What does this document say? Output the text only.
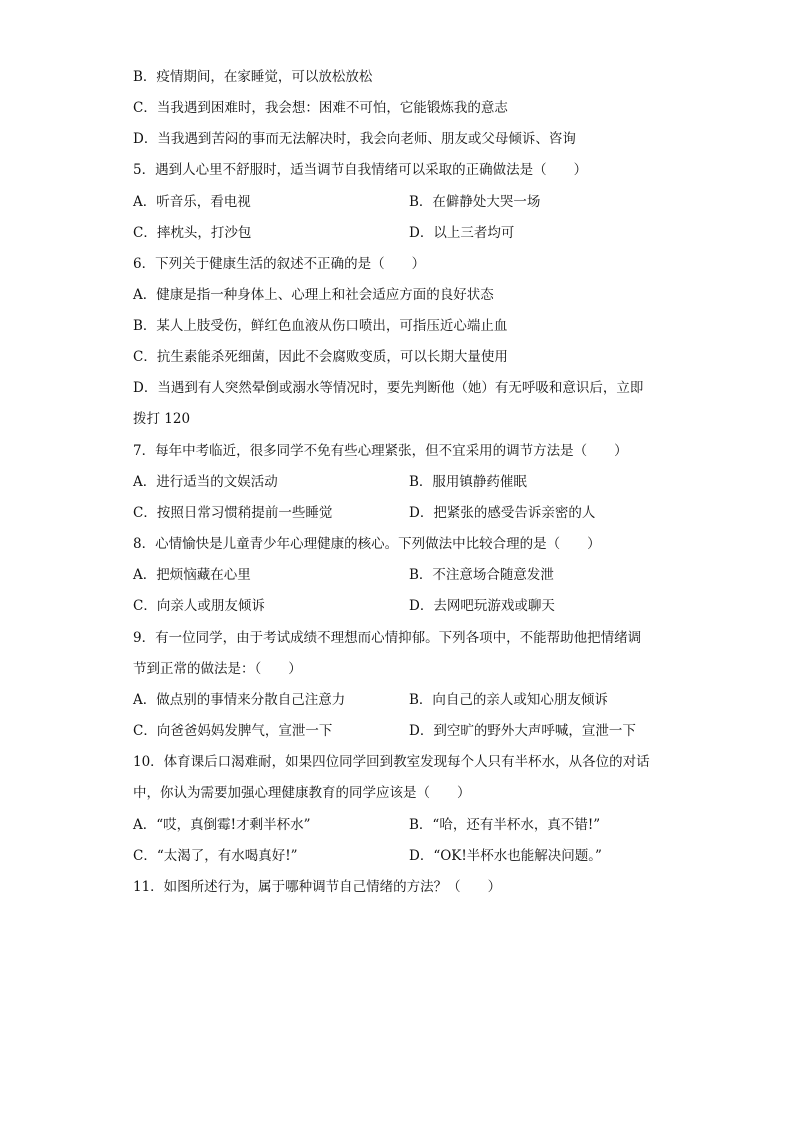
B．疫情期间，在家睡觉，可以放松放松
C．当我遇到困难时，我会想：困难不可怕，它能锻炼我的意志
D．当我遇到苦闷的事而无法解决时，我会向老师、朋友或父母倾诉、咨询
5．遇到人心里不舒服时，适当调节自我情绪可以采取的正确做法是（　　）
A．听音乐，看电视	B．在僻静处大哭一场
C．摔枕头，打沙包	D．以上三者均可
6．下列关于健康生活的叙述不正确的是（　　）
A．健康是指一种身体上、心理上和社会适应方面的良好状态
B．某人上肢受伤，鲜红色血液从伤口喷出，可指压近心端止血
C．抗生素能杀死细菌，因此不会腐败变质，可以长期大量使用
D．当遇到有人突然晕倒或溺水等情况时，要先判断他（她）有无呼吸和意识后，立即
拨打 120
7．每年中考临近，很多同学不免有些心理紧张，但不宜采用的调节方法是（　　）
A．进行适当的文娱活动	B．服用镇静药催眠
C．按照日常习惯稍提前一些睡觉	D．把紧张的感受告诉亲密的人
8．心情愉快是儿童青少年心理健康的核心。下列做法中比较合理的是（　　）
A．把烦恼藏在心里	B．不注意场合随意发泄
C．向亲人或朋友倾诉	D．去网吧玩游戏或聊天
9．有一位同学，由于考试成绩不理想而心情抑郁。下列各项中，不能帮助他把情绪调
节到正常的做法是：（　　）
A．做点别的事情来分散自己注意力	B．向自己的亲人或知心朋友倾诉
C．向爸爸妈妈发脾气，宣泄一下	D．到空旷的野外大声呼喊，宣泄一下
10．体育课后口渴难耐，如果四位同学回到教室发现每个人只有半杯水，从各位的对话
中，你认为需要加强心理健康教育的同学应该是（　　）
A．“哎，真倒霉!才剩半杯水”	B．“哈，还有半杯水，真不错!”
C．“太渴了，有水喝真好!”	D．“OK!半杯水也能解决问题。”
11．如图所述行为，属于哪种调节自己情绪的方法？（　　）
